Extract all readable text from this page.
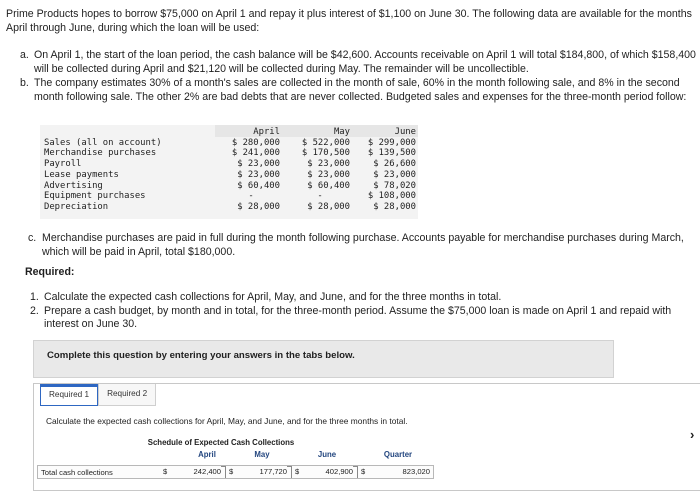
Prime Products hopes to borrow $75,000 on April 1 and repay it plus interest of $1,100 on June 30. The following data are available for the months April through June, during which the loan will be used:

a. On April 1, the start of the loan period, the cash balance will be $42,600. Accounts receivable on April 1 will total $184,800, of which $158,400 will be collected during April and $21,120 will be collected during May. The remainder will be uncollectible.
b. The company estimates 30% of a month's sales are collected in the month of sale, 60% in the month following sale, and 8% in the second month following sale. The other 2% are bad debts that are never collected. Budgeted sales and expenses for the three-month period follow:
	April	May	June
Sales (all on account)	$ 280,000	$ 522,000	$ 299,000
Merchandise purchases	$ 241,000	$ 170,500	$ 139,500
Payroll	$ 23,000	$ 23,000	$ 26,600
Lease payments	$ 23,000	$ 23,000	$ 23,000
Advertising	$ 60,400	$ 60,400	$ 78,020
Equipment purchases	-	-	$ 108,000
Depreciation	$ 28,000	$ 28,000	$ 28,000
c. Merchandise purchases are paid in full during the month following purchase. Accounts payable for merchandise purchases during March, which will be paid in April, total $180,000.
Required:
1. Calculate the expected cash collections for April, May, and June, and for the three months in total.
2. Prepare a cash budget, by month and in total, for the three-month period. Assume the $75,000 loan is made on April 1 and repaid with interest on June 30.
Complete this question by entering your answers in the tabs below.
Required 1	Required 2
Calculate the expected cash collections for April, May, and June, and for the three months in total.
›
Schedule of Expected Cash Collections
April	May	June	Quarter
Total cash collections	$	242,400 $	177,720 $	402,900 $	823,020
